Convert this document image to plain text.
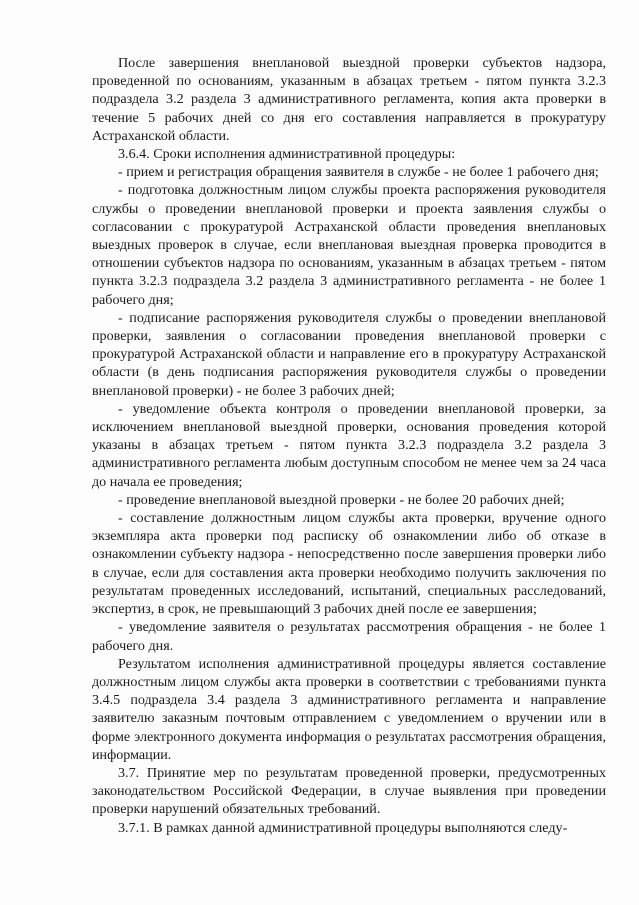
После завершения внеплановой выездной проверки субъектов надзора, проведенной по основаниям, указанным в абзацах третьем - пятом пункта 3.2.3 подраздела 3.2 раздела 3 административного регламента, копия акта проверки в течение 5 рабочих дней со дня его составления направляется в прокуратуру Астраханской области.

3.6.4. Сроки исполнения административной процедуры:

- прием и регистрация обращения заявителя в службе - не более 1 рабочего дня;

- подготовка должностным лицом службы проекта распоряжения руководителя службы о проведении внеплановой проверки и проекта заявления службы о согласовании с прокуратурой Астраханской области проведения внеплановых выездных проверок в случае, если внеплановая выездная проверка проводится в отношении субъектов надзора по основаниям, указанным в абзацах третьем - пятом пункта 3.2.3 подраздела 3.2 раздела 3 административного регламента - не более 1 рабочего дня;

- подписание распоряжения руководителя службы о проведении внеплановой проверки, заявления о согласовании проведения внеплановой проверки с прокуратурой Астраханской области и направление его в прокуратуру Астраханской области (в день подписания распоряжения руководителя службы о проведении внеплановой проверки) - не более 3 рабочих дней;

- уведомление объекта контроля о проведении внеплановой проверки, за исключением внеплановой выездной проверки, основания проведения которой указаны в абзацах третьем - пятом пункта 3.2.3 подраздела 3.2 раздела 3 административного регламента любым доступным способом не менее чем за 24 часа до начала ее проведения;

- проведение внеплановой выездной проверки - не более 20 рабочих дней;

- составление должностным лицом службы акта проверки, вручение одного экземпляра акта проверки под расписку об ознакомлении либо об отказе в ознакомлении субъекту надзора - непосредственно после завершения проверки либо в случае, если для составления акта проверки необходимо получить заключения по результатам проведенных исследований, испытаний, специальных расследований, экспертиз, в срок, не превышающий 3 рабочих дней после ее завершения;

- уведомление заявителя о результатах рассмотрения обращения - не более 1 рабочего дня.

Результатом исполнения административной процедуры является составление должностным лицом службы акта проверки в соответствии с требованиями пункта 3.4.5 подраздела 3.4 раздела 3 административного регламента и направление заявителю заказным почтовым отправлением с уведомлением о вручении или в форме электронного документа информация о результатах рассмотрения обращения, информации.

3.7. Принятие мер по результатам проведенной проверки, предусмотренных законодательством Российской Федерации, в случае выявления при проведении проверки нарушений обязательных требований.

3.7.1. В рамках данной административной процедуры выполняются следу-
